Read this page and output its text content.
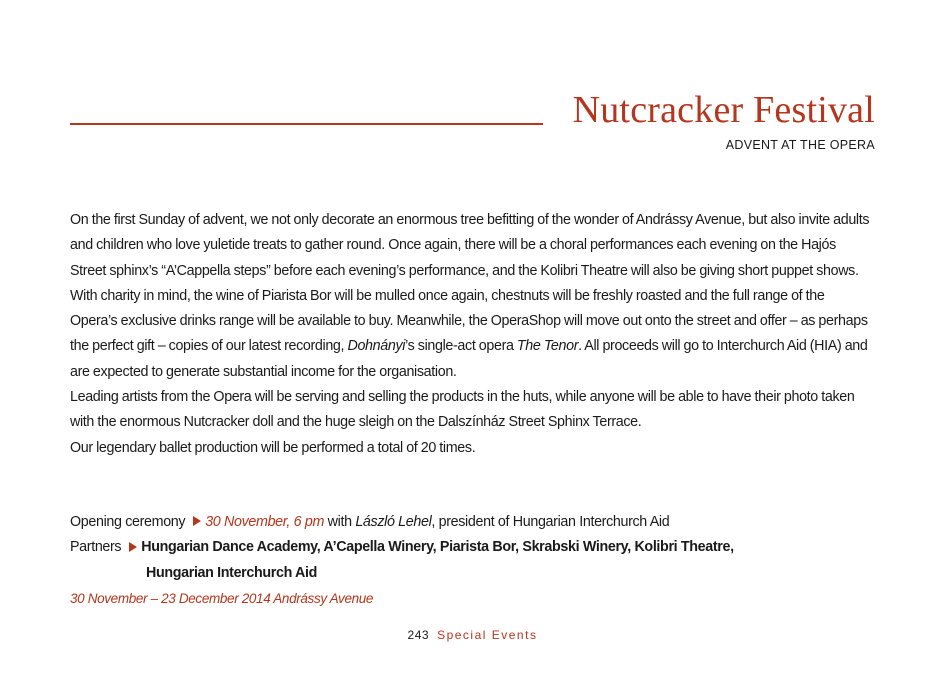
Nutcracker Festival
ADVENT AT THE OPERA

On the first Sunday of advent, we not only decorate an enormous tree befitting of the wonder of Andrássy Avenue, but also invite adults and children who love yuletide treats to gather round. Once again, there will be a choral performances each evening on the Hajós Street sphinx’s “A’Cappella steps” before each evening’s performance, and the Kolibri Theatre will also be giving short puppet shows. With charity in mind, the wine of Piarista Bor will be mulled once again, chestnuts will be freshly roasted and the full range of the Opera’s exclusive drinks range will be available to buy. Meanwhile, the OperaShop will move out onto the street and offer – as perhaps the perfect gift – copies of our latest recording, Dohnányi’s single-act opera The Tenor. All proceeds will go to Interchurch Aid (HIA) and are expected to generate substantial income for the organisation.

Leading artists from the Opera will be serving and selling the products in the huts, while anyone will be able to have their photo taken with the enormous Nutcracker doll and the huge sleigh on the Dalszínház Street Sphinx Terrace.

Our legendary ballet production will be performed a total of 20 times.

Opening ceremony 30 November, 6 pm with László Lehel, president of Hungarian Interchurch Aid
Partners Hungarian Dance Academy, A’Capella Winery, Piarista Bor, Skrabski Winery, Kolibri Theatre,
Hungarian Interchurch Aid
30 November – 23 December 2014 Andrássy Avenue
243 Special Events
